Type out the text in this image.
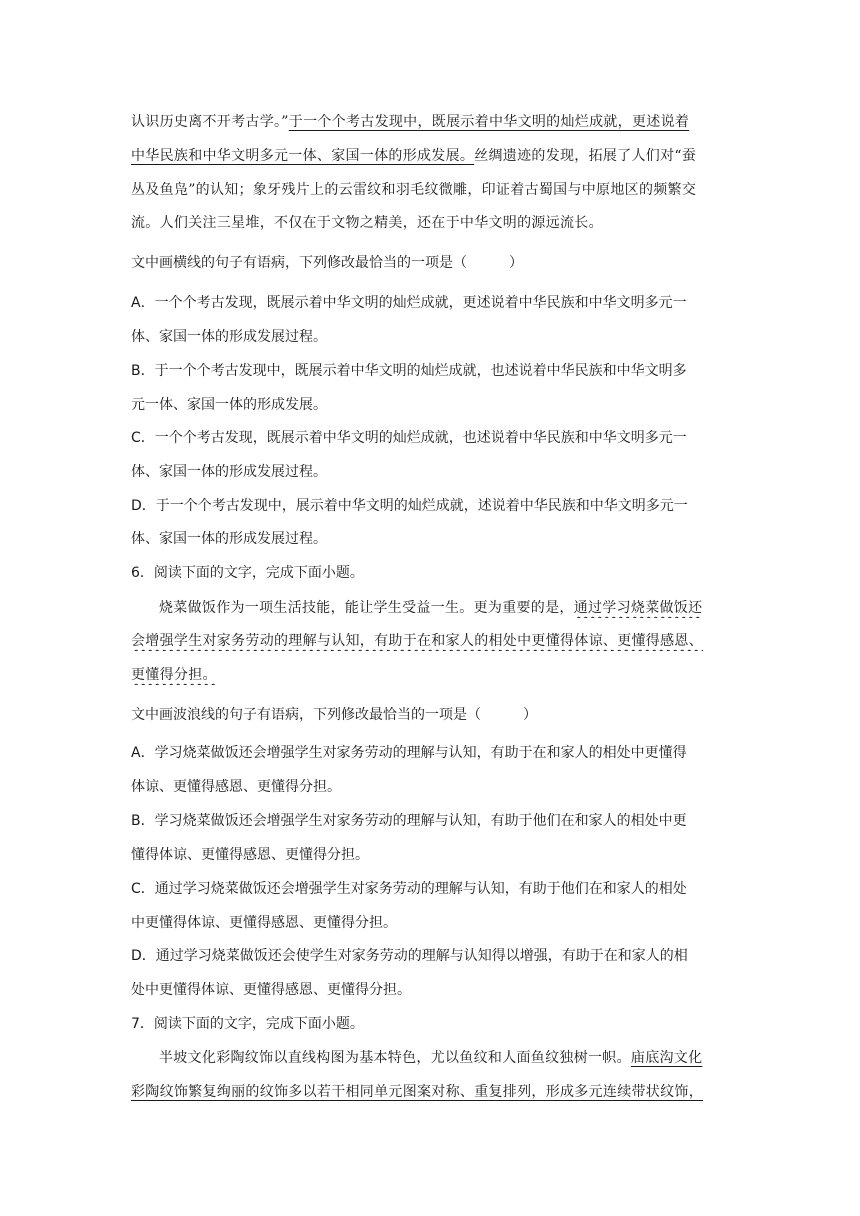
认识历史离不开考古学。”于一个个考古发现中，既展示着中华文明的灿烂成就，更述说着
中华民族和中华文明多元一体、家国一体的形成发展。丝绸遗迹的发现，拓展了人们对“蚕
丛及鱼凫”的认知；象牙残片上的云雷纹和羽毛纹微雕，印证着古蜀国与中原地区的频繁交
流。人们关注三星堆，不仅在于文物之精美，还在于中华文明的源远流长。
文中画横线的句子有语病，下列修改最恰当的一项是（　　　）
A．一个个考古发现，既展示着中华文明的灿烂成就，更述说着中华民族和中华文明多元一
体、家国一体的形成发展过程。
B．于一个个考古发现中，既展示着中华文明的灿烂成就，也述说着中华民族和中华文明多
元一体、家国一体的形成发展。
C．一个个考古发现，既展示着中华文明的灿烂成就，也述说着中华民族和中华文明多元一
体、家国一体的形成发展过程。
D．于一个个考古发现中，展示着中华文明的灿烂成就，述说着中华民族和中华文明多元一
体、家国一体的形成发展过程。
6．阅读下面的文字，完成下面小题。
烧菜做饭作为一项生活技能，能让学生受益一生。更为重要的是，通过学习烧菜做饭还
会增强学生对家务劳动的理解与认知，有助于在和家人的相处中更懂得体谅、更懂得感恩、
更懂得分担。
文中画波浪线的句子有语病，下列修改最恰当的一项是（　　　）
A．学习烧菜做饭还会增强学生对家务劳动的理解与认知，有助于在和家人的相处中更懂得
体谅、更懂得感恩、更懂得分担。
B．学习烧菜做饭还会增强学生对家务劳动的理解与认知，有助于他们在和家人的相处中更
懂得体谅、更懂得感恩、更懂得分担。
C．通过学习烧菜做饭还会增强学生对家务劳动的理解与认知，有助于他们在和家人的相处
中更懂得体谅、更懂得感恩、更懂得分担。
D．通过学习烧菜做饭还会使学生对家务劳动的理解与认知得以增强，有助于在和家人的相
处中更懂得体谅、更懂得感恩、更懂得分担。
7．阅读下面的文字，完成下面小题。
半坡文化彩陶纹饰以直线构图为基本特色，尤以鱼纹和人面鱼纹独树一帜。庙底沟文化
彩陶纹饰繁复绚丽的纹饰多以若干相同单元图案对称、重复排列，形成多元连续带状纹饰，
